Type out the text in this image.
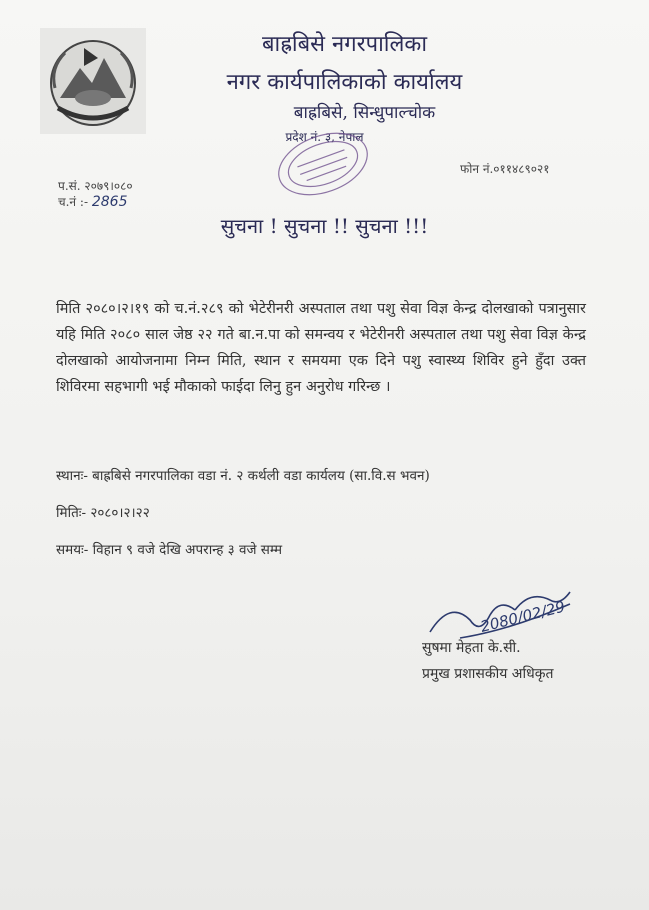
बाह्रबिसे नगरपालिका
नगर कार्यपालिकाको कार्यालय
बाह्रबिसे, सिन्धुपाल्चोक
प्रदेश नं. ३, नेपाल
फोन नं.०११४८९०२१
प.सं. २०७९।०८०
च.नं :- 2865
सुचना ! सुचना !! सुचना !!!
मिति २०८०।२।१९ को च.नं.२८९ को भेटेरीनरी अस्पताल तथा पशु सेवा विज्ञ केन्द्र दोलखाको पत्रानुसार यहि मिति २०८० साल जेष्ठ २२ गते बा.न.पा को समन्वय र भेटेरीनरी अस्पताल तथा पशु सेवा विज्ञ केन्द्र दोलखाको आयोजनामा निम्न मिति, स्थान र समयमा एक दिने पशु स्वास्थ्य शिविर हुने हुँदा उक्त शिविरमा सहभागी भई मौकाको फाईदा लिनु हुन अनुरोध गरिन्छ ।
स्थानः- बाह्रबिसे नगरपालिका वडा नं. २ कर्थली वडा कार्यलय (सा.वि.स भवन)
मितिः- २०८०।२।२२
समयः- विहान ९ वजे देखि अपरान्ह ३ वजे सम्म
2080/02/29
सुषमा मेहता के.सी.
प्रमुख प्रशासकीय अधिकृत
